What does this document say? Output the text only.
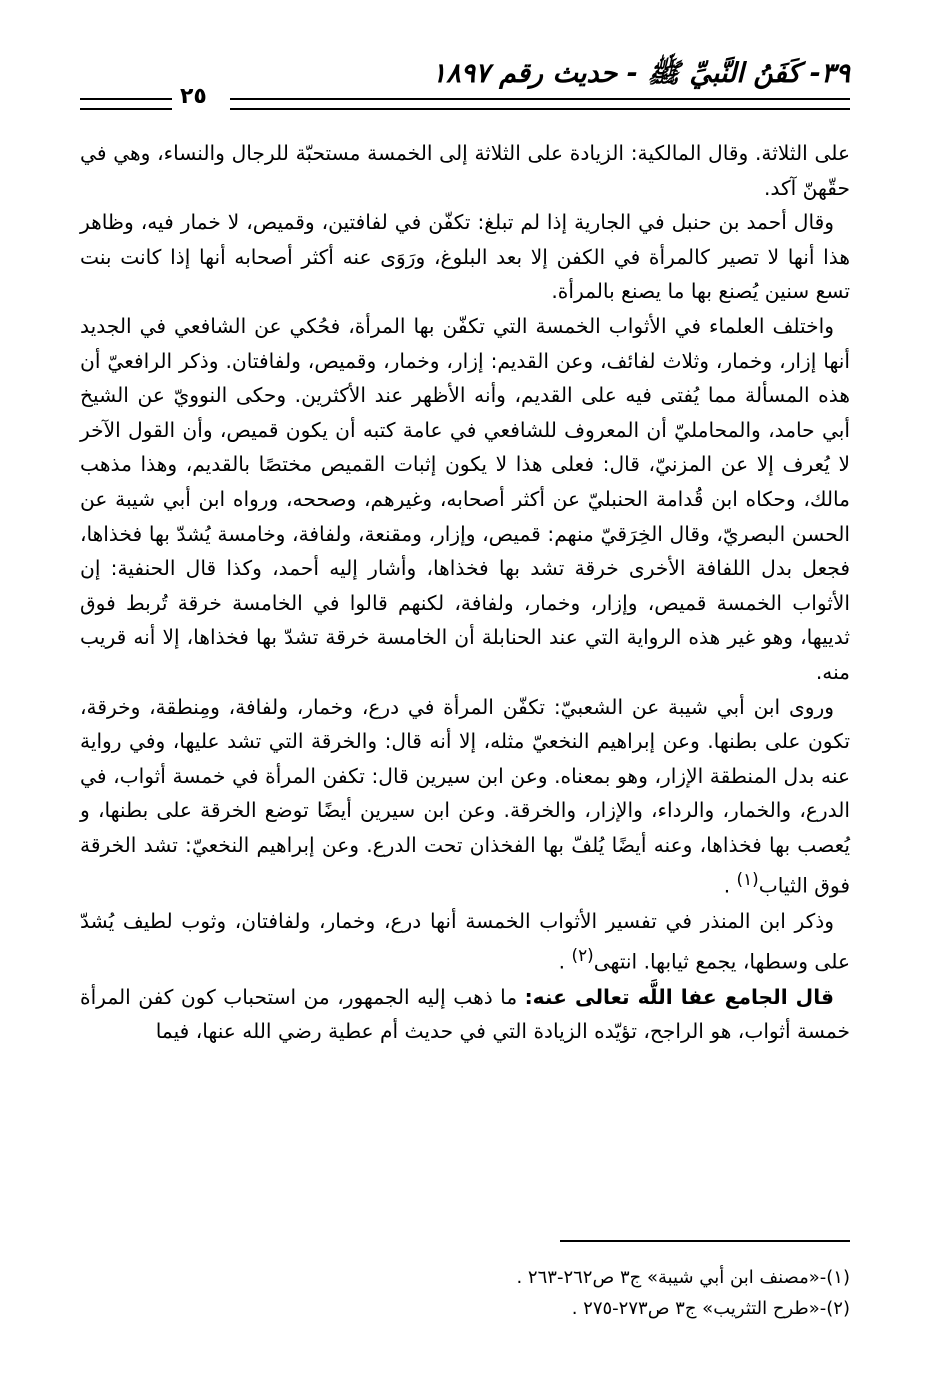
٣٩- كَفَنُ النَّبيِّ ﷺ - حديث رقم ١٨٩٧
٢٥

على الثلاثة. وقال المالكية: الزيادة على الثلاثة إلى الخمسة مستحبّة للرجال والنساء، وهي في حقّهنّ آكد.

وقال أحمد بن حنبل في الجارية إذا لم تبلغ: تكفّن في لفافتين، وقميص، لا خمار فيه، وظاهر هذا أنها لا تصير كالمرأة في الكفن إلا بعد البلوغ، ورَوَى عنه أكثر أصحابه أنها إذا كانت بنت تسع سنين يُصنع بها ما يصنع بالمرأة.

واختلف العلماء في الأثواب الخمسة التي تكفّن بها المرأة، فحُكي عن الشافعي في الجديد أنها إزار، وخمار، وثلاث لفائف، وعن القديم: إزار، وخمار، وقميص، ولفافتان. وذكر الرافعيّ أن هذه المسألة مما يُفتى فيه على القديم، وأنه الأظهر عند الأكثرين. وحكى النوويّ عن الشيخ أبي حامد، والمحامليّ أن المعروف للشافعي في عامة كتبه أن يكون قميص، وأن القول الآخر لا يُعرف إلا عن المزنيّ، قال: فعلى هذا لا يكون إثبات القميص مختصًا بالقديم، وهذا مذهب مالك، وحكاه ابن قُدامة الحنبليّ عن أكثر أصحابه، وغيرهم، وصححه، ورواه ابن أبي شيبة عن الحسن البصريّ، وقال الخِرَقيّ منهم: قميص، وإزار، ومقنعة، ولفافة، وخامسة يُشدّ بها فخذاها، فجعل بدل اللفافة الأخرى خرقة تشد بها فخذاها، وأشار إليه أحمد، وكذا قال الحنفية: إن الأثواب الخمسة قميص، وإزار، وخمار، ولفافة، لكنهم قالوا في الخامسة خرقة تُربط فوق ثدييها، وهو غير هذه الرواية التي عند الحنابلة أن الخامسة خرقة تشدّ بها فخذاها، إلا أنه قريب منه.

وروى ابن أبي شيبة عن الشعبيّ: تكفّن المرأة في درع، وخمار، ولفافة، ومِنطقة، وخرقة، تكون على بطنها. وعن إبراهيم النخعيّ مثله، إلا أنه قال: والخرقة التي تشد عليها، وفي رواية عنه بدل المنطقة الإزار، وهو بمعناه. وعن ابن سيرين قال: تكفن المرأة في خمسة أثواب، في الدرع، والخمار، والرداء، والإزار، والخرقة. وعن ابن سيرين أيضًا توضع الخرقة على بطنها، و يُعصب بها فخذاها، وعنه أيضًا يُلفّ بها الفخذان تحت الدرع. وعن إبراهيم النخعيّ: تشد الخرقة فوق الثياب$^{(١)}$ .

وذكر ابن المنذر في تفسير الأثواب الخمسة أنها درع، وخمار، ولفافتان، وثوب لطيف يُشدّ على وسطها، يجمع ثيابها. انتهى$^{(٢)}$ .

قال الجامع عفا اللَّه تعالى عنه: ما ذهب إليه الجمهور، من استحباب كون كفن المرأة خمسة أثواب، هو الراجح، تؤيّده الزيادة التي في حديث أم عطية رضي الله عنها، فيما

(١)-«مصنف ابن أبي شيبة» ج٣ ص٢٦٢-٢٦٣ .
(٢)-«طرح التثريب» ج٣ ص٢٧٣-٢٧٥ .
